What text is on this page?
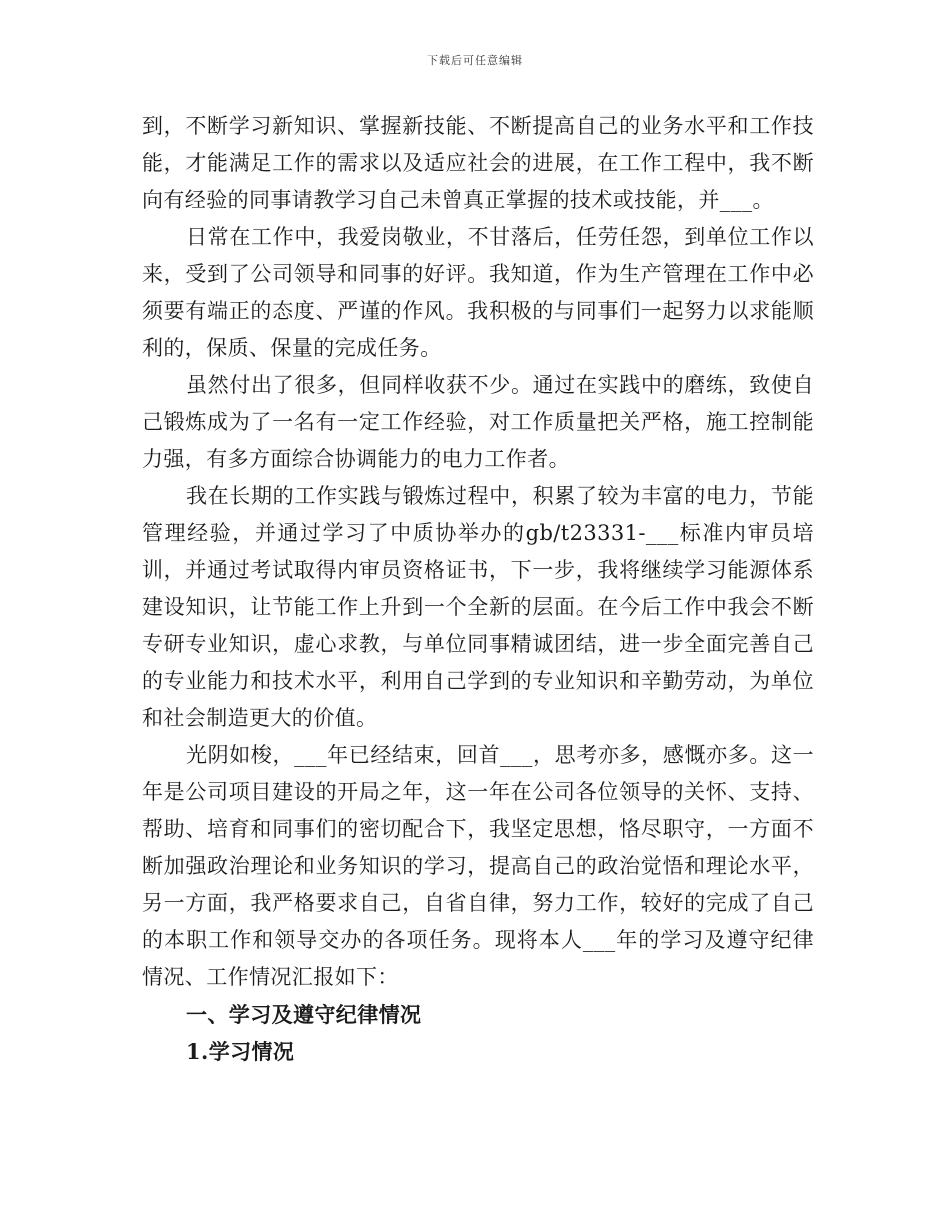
下载后可任意编辑

到，不断学习新知识、掌握新技能、不断提高自己的业务水平和工作技能，才能满足工作的需求以及适应社会的进展，在工作工程中，我不断向有经验的同事请教学习自己未曾真正掌握的技术或技能，并___。

日常在工作中，我爱岗敬业，不甘落后，任劳任怨，到单位工作以来，受到了公司领导和同事的好评。我知道，作为生产管理在工作中必须要有端正的态度、严谨的作风。我积极的与同事们一起努力以求能顺利的，保质、保量的完成任务。

虽然付出了很多，但同样收获不少。通过在实践中的磨练，致使自己锻炼成为了一名有一定工作经验，对工作质量把关严格，施工控制能力强，有多方面综合协调能力的电力工作者。

我在长期的工作实践与锻炼过程中，积累了较为丰富的电力，节能管理经验，并通过学习了中质协举办的gb/t23331-___标准内审员培训，并通过考试取得内审员资格证书，下一步，我将继续学习能源体系建设知识，让节能工作上升到一个全新的层面。在今后工作中我会不断专研专业知识，虚心求教，与单位同事精诚团结，进一步全面完善自己的专业能力和技术水平，利用自己学到的专业知识和辛勤劳动，为单位和社会制造更大的价值。

光阴如梭，___年已经结束，回首___，思考亦多，感慨亦多。这一年是公司项目建设的开局之年，这一年在公司各位领导的关怀、支持、帮助、培育和同事们的密切配合下，我坚定思想，恪尽职守，一方面不断加强政治理论和业务知识的学习，提高自己的政治觉悟和理论水平，另一方面，我严格要求自己，自省自律，努力工作，较好的完成了自己的本职工作和领导交办的各项任务。现将本人___年的学习及遵守纪律情况、工作情况汇报如下：

一、学习及遵守纪律情况

1.学习情况
